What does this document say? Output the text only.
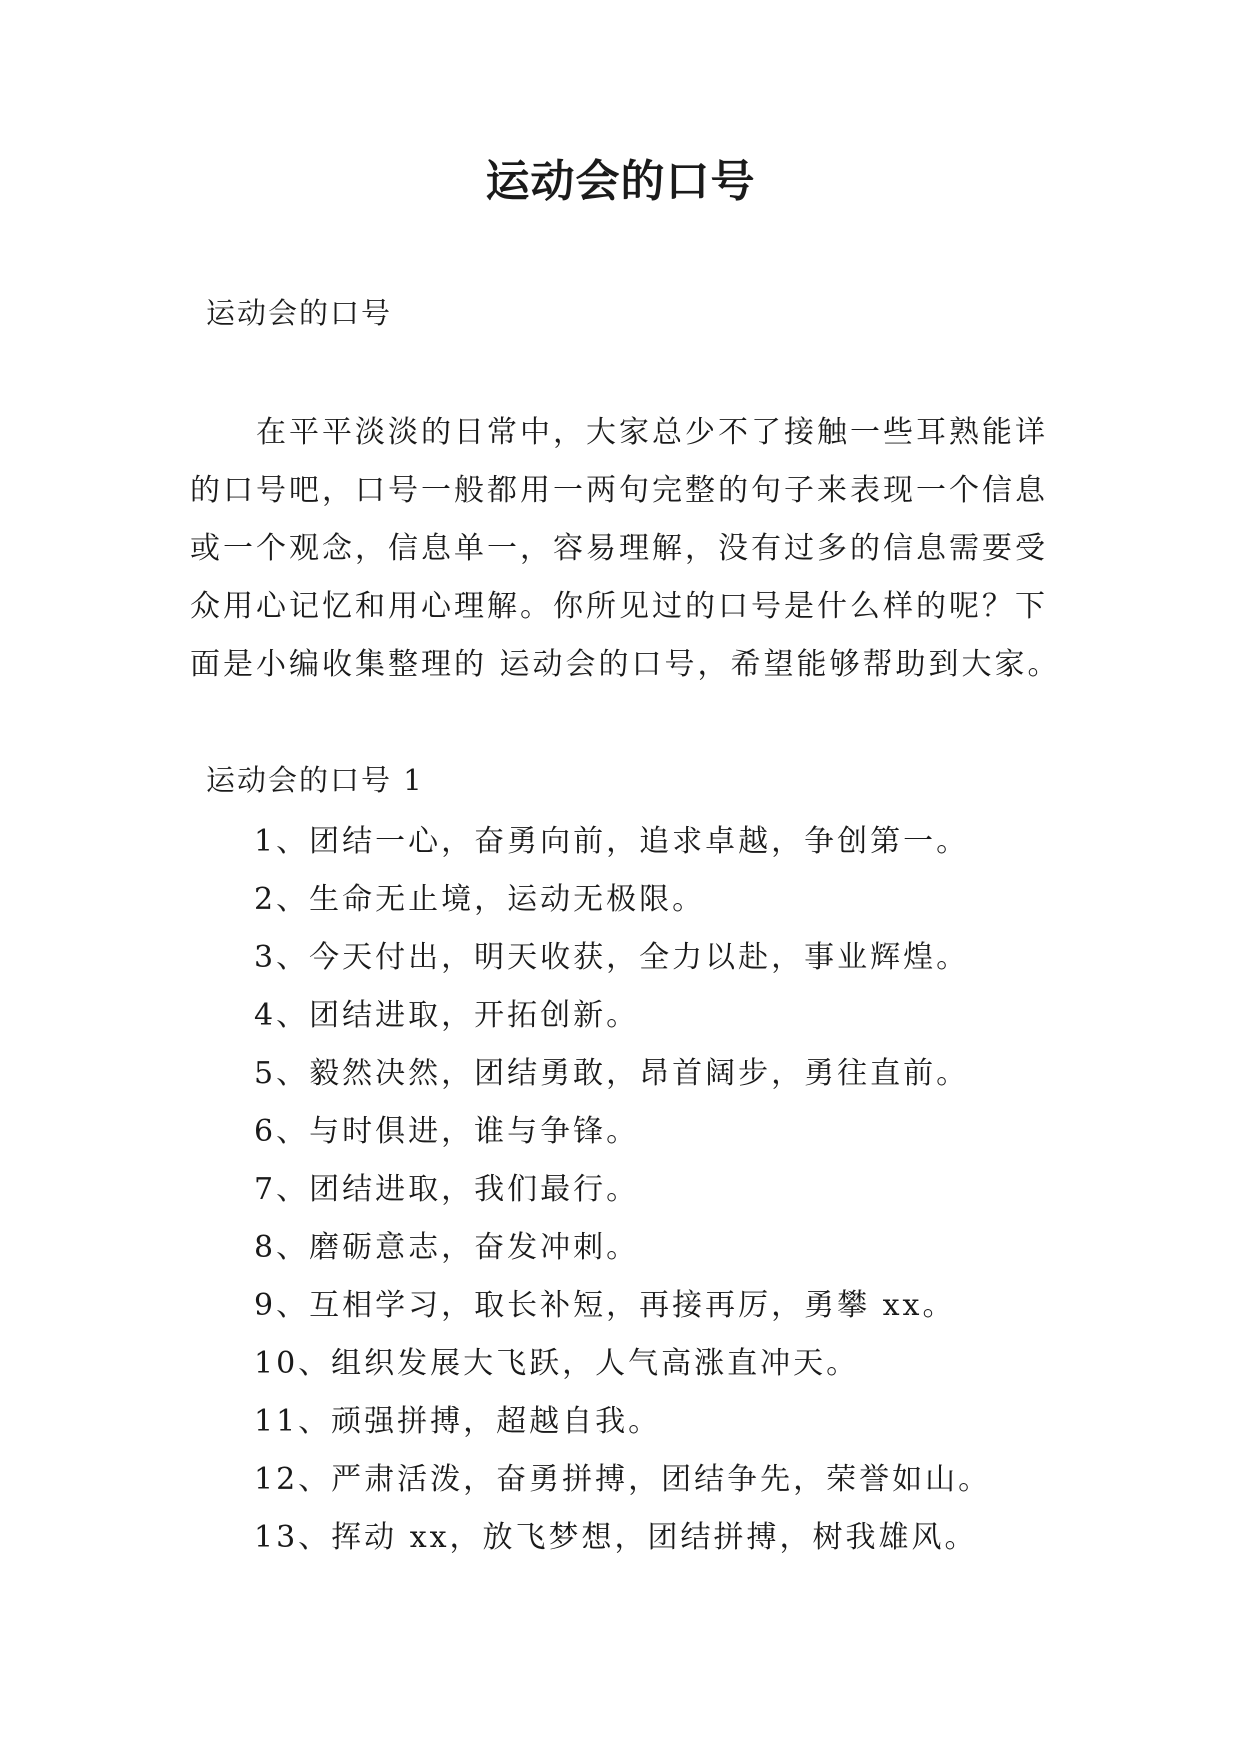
运动会的口号

运动会的口号

在平平淡淡的日常中，大家总少不了接触一些耳熟能详的口号吧，口号一般都用一两句完整的句子来表现一个信息或一个观念，信息单一，容易理解，没有过多的信息需要受众用心记忆和用心理解。你所见过的口号是什么样的呢？下面是小编收集整理的 运动会的口号，希望能够帮助到大家。

运动会的口号 1

1、团结一心，奋勇向前，追求卓越，争创第一。
2、生命无止境，运动无极限。
3、今天付出，明天收获，全力以赴，事业辉煌。
4、团结进取，开拓创新。
5、毅然决然，团结勇敢，昂首阔步，勇往直前。
6、与时俱进，谁与争锋。
7、团结进取，我们最行。
8、磨砺意志，奋发冲刺。
9、互相学习，取长补短，再接再厉，勇攀 xx。
10、组织发展大飞跃，人气高涨直冲天。
11、顽强拼搏，超越自我。
12、严肃活泼，奋勇拼搏，团结争先，荣誉如山。
13、挥动 xx，放飞梦想，团结拼搏，树我雄风。
